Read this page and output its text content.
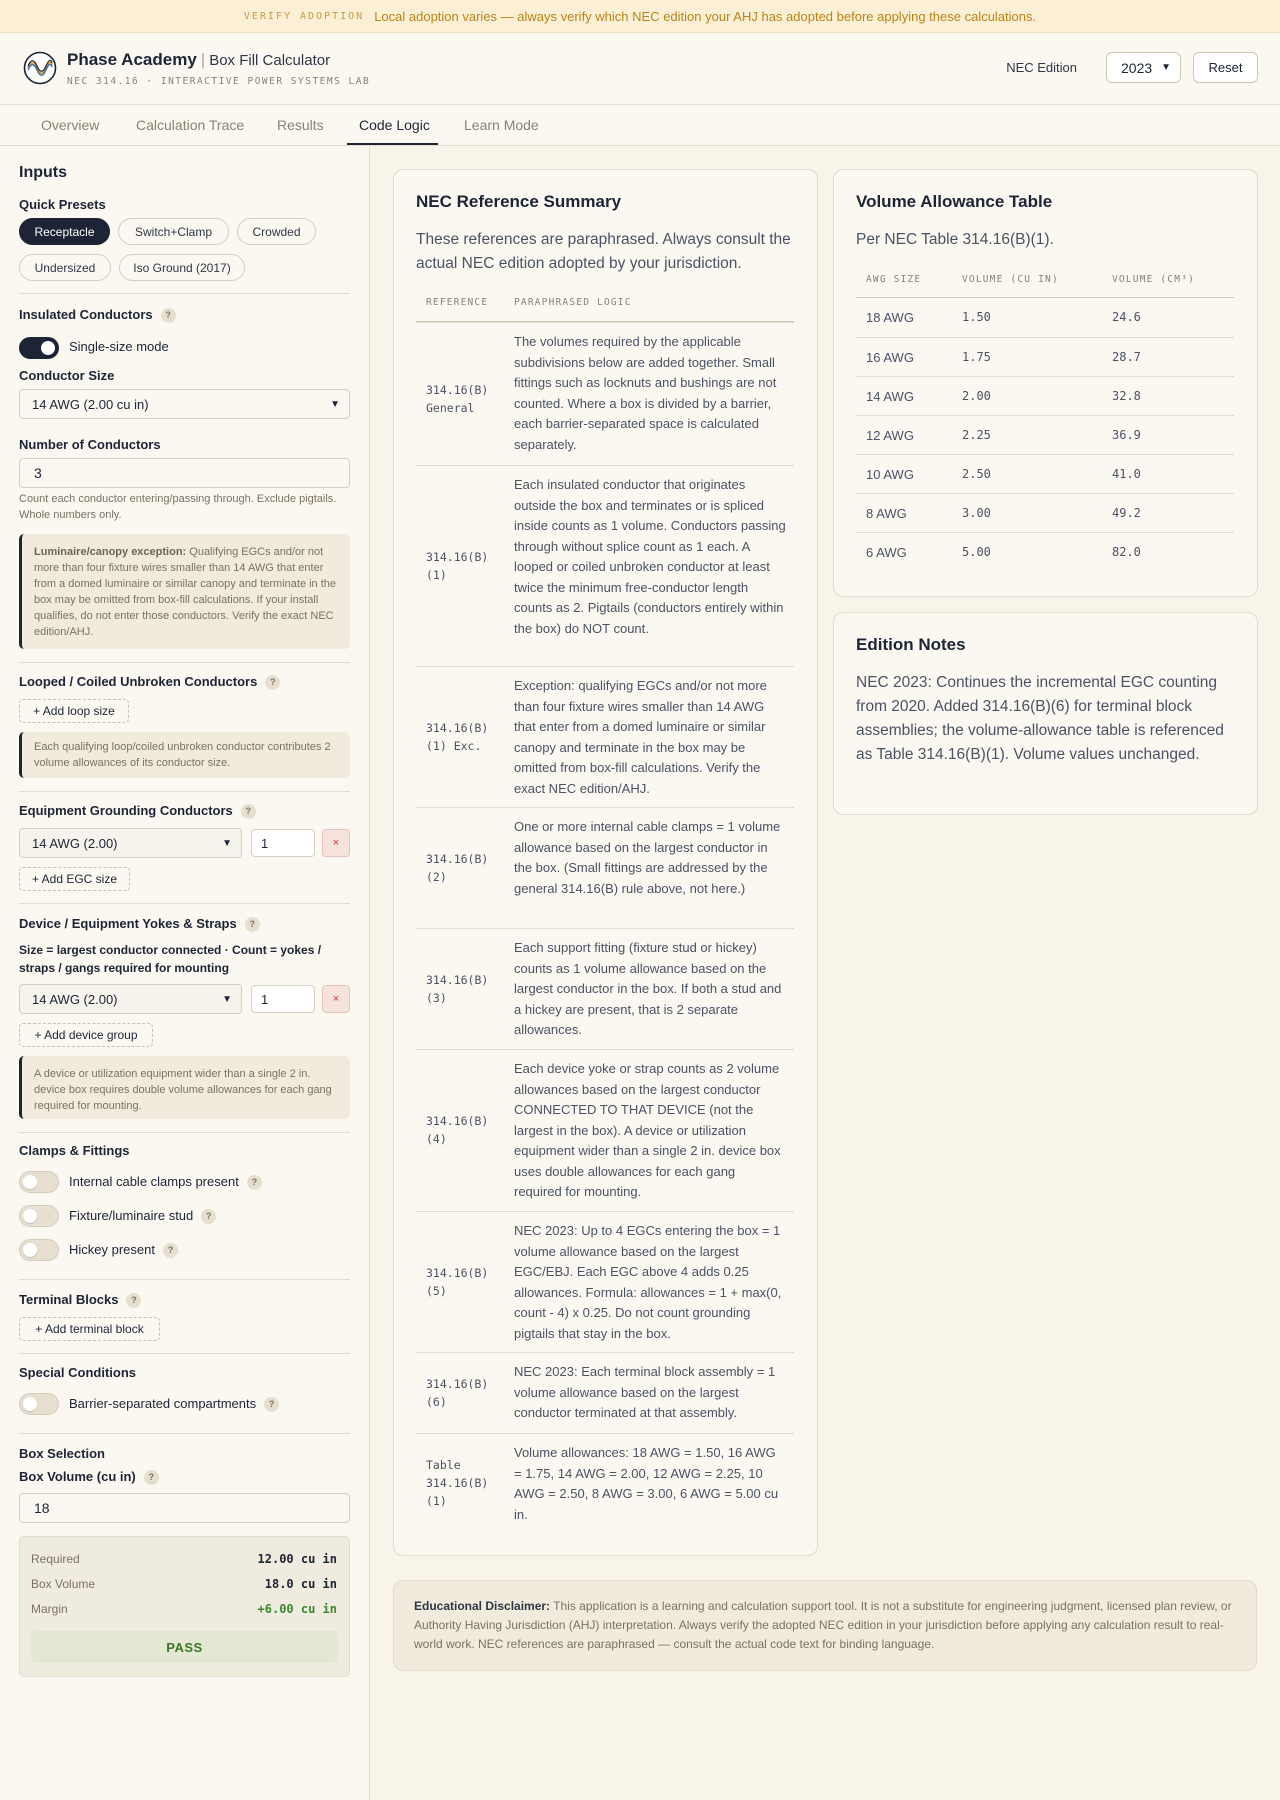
VERIFY ADOPTION Local adoption varies — always verify which NEC edition your AHJ has adopted before applying these calculations.
Phase Academy | Box Fill Calculator
NEC 314.16 · INTERACTIVE POWER SYSTEMS LAB
NEC Edition	2023 ▼	Reset
Overview	Calculation Trace Results	Code Logic Learn Mode
Inputs
Quick Presets
Receptacle	Switch+Clamp	Crowded
Undersized	Iso Ground (2017)
Insulated Conductors ?
Single-size mode
Conductor Size
14 AWG (2.00 cu in)	▼
Number of Conductors
3
Count each conductor entering/passing through. Exclude pigtails. Whole numbers only.
Luminaire/canopy exception: Qualifying EGCs and/or not more than four fixture wires smaller than 14 AWG that enter from a domed luminaire or similar canopy and terminate in the box may be omitted from box-fill calculations. If your install qualifies, do not enter those conductors. Verify the exact NEC edition/AHJ.
Looped / Coiled Unbroken Conductors ?
+ Add loop size
Each qualifying loop/coiled unbroken conductor contributes 2 volume allowances of its conductor size.
Equipment Grounding Conductors ?
14 AWG (2.00)	▼	1	×
+ Add EGC size
Device / Equipment Yokes & Straps ?
Size = largest conductor connected · Count = yokes / straps / gangs required for mounting
14 AWG (2.00)	▼	1	×
+ Add device group
A device or utilization equipment wider than a single 2 in. device box requires double volume allowances for each gang required for mounting.
Clamps & Fittings
Internal cable clamps present ?
Fixture/luminaire stud ?
Hickey present ?
Terminal Blocks ?
+ Add terminal block
Special Conditions
Barrier-separated compartments ?
Box Selection
Box Volume (cu in) ?
18
Required	12.00 cu in
Box Volume	18.0 cu in
Margin	+6.00 cu in
PASS
NEC Reference Summary
These references are paraphrased. Always consult the actual NEC edition adopted by your jurisdiction.
REFERENCE	PARAPHRASED LOGIC
314.16(B) General
The volumes required by the applicable subdivisions below are added together. Small fittings such as locknuts and bushings are not counted. Where a box is divided by a barrier, each barrier-separated space is calculated separately.
314.16(B) (1)
Each insulated conductor that originates outside the box and terminates or is spliced inside counts as 1 volume. Conductors passing through without splice count as 1 each. A looped or coiled unbroken conductor at least twice the minimum free-conductor length counts as 2. Pigtails (conductors entirely within the box) do NOT count.
314.16(B) (1) Exc.
Exception: qualifying EGCs and/or not more than four fixture wires smaller than 14 AWG that enter from a domed luminaire or similar canopy and terminate in the box may be omitted from box-fill calculations. Verify the exact NEC edition/AHJ.
314.16(B) (2)
One or more internal cable clamps = 1 volume allowance based on the largest conductor in the box. (Small fittings are addressed by the general 314.16(B) rule above, not here.)
314.16(B) (3)
Each support fitting (fixture stud or hickey) counts as 1 volume allowance based on the largest conductor in the box. If both a stud and a hickey are present, that is 2 separate allowances.
314.16(B) (4)
Each device yoke or strap counts as 2 volume allowances based on the largest conductor CONNECTED TO THAT DEVICE (not the largest in the box). A device or utilization equipment wider than a single 2 in. device box uses double allowances for each gang required for mounting.
314.16(B) (5)
NEC 2023: Up to 4 EGCs entering the box = 1 volume allowance based on the largest EGC/EBJ. Each EGC above 4 adds 0.25 allowances. Formula: allowances = 1 + max(0, count - 4) x 0.25. Do not count grounding pigtails that stay in the box.
314.16(B) (6)
NEC 2023: Each terminal block assembly = 1 volume allowance based on the largest conductor terminated at that assembly.
Table 314.16(B) (1)
Volume allowances: 18 AWG = 1.50, 16 AWG = 1.75, 14 AWG = 2.00, 12 AWG = 2.25, 10 AWG = 2.50, 8 AWG = 3.00, 6 AWG = 5.00 cu in.
Volume Allowance Table
Per NEC Table 314.16(B)(1).
AWG SIZE	VOLUME (CU IN)	VOLUME (CM³)
18 AWG	1.50	24.6
16 AWG	1.75	28.7
14 AWG	2.00	32.8
12 AWG	2.25	36.9
10 AWG	2.50	41.0
8 AWG	3.00	49.2
6 AWG	5.00	82.0
Edition Notes
NEC 2023: Continues the incremental EGC counting from 2020. Added 314.16(B)(6) for terminal block assemblies; the volume-allowance table is referenced as Table 314.16(B)(1). Volume values unchanged.
Educational Disclaimer: This application is a learning and calculation support tool. It is not a substitute for engineering judgment, licensed plan review, or Authority Having Jurisdiction (AHJ) interpretation. Always verify the adopted NEC edition in your jurisdiction before applying any calculation result to real-world work. NEC references are paraphrased — consult the actual code text for binding language.
